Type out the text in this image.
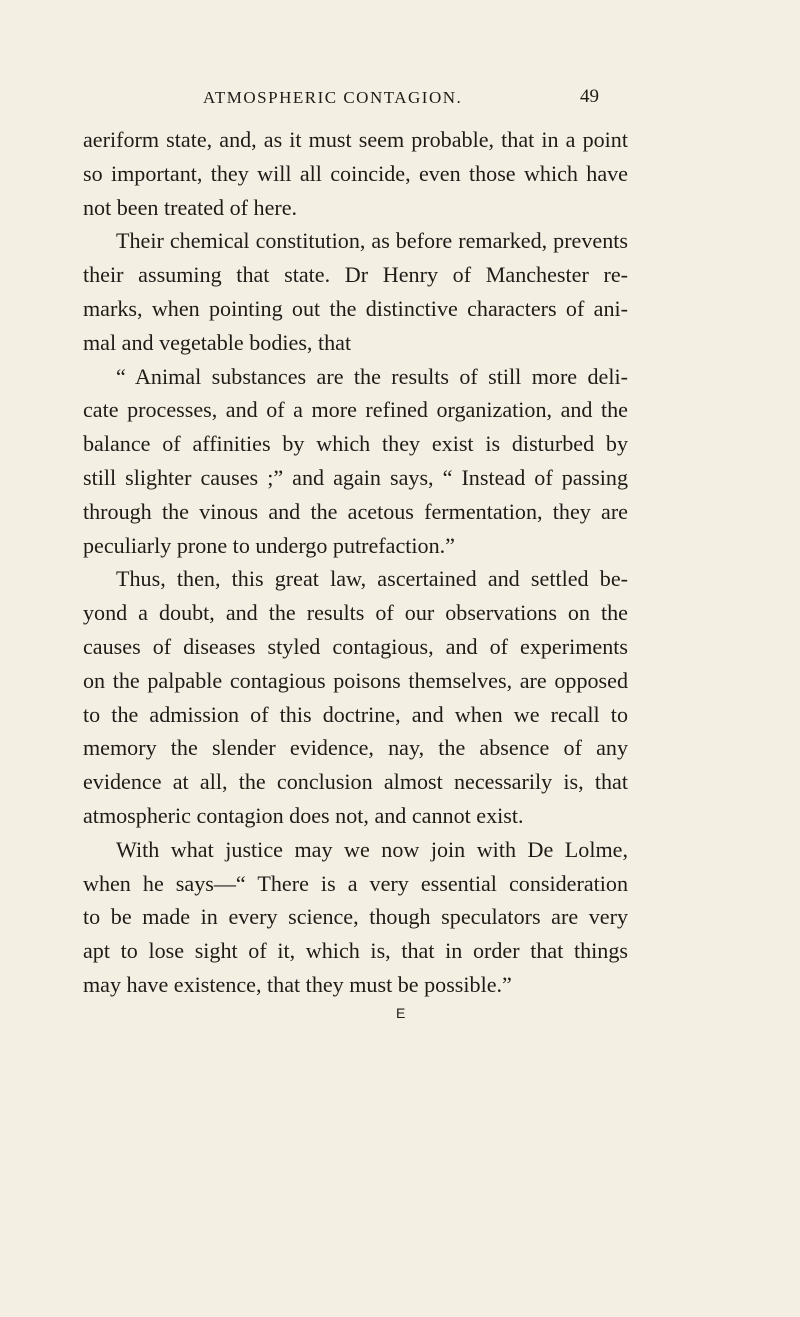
ATMOSPHERIC CONTAGION.	49
aeriform state, and, as it must seem probable, that in a point
so important, they will all coincide, even those which have
not been treated of here.
Their chemical constitution, as before remarked, prevents
their assuming that state. Dr Henry of Manchester re-
marks, when pointing out the distinctive characters of ani-
mal and vegetable bodies, that
“ Animal substances are the results of still more deli-
cate processes, and of a more refined organization, and the
balance of affinities by which they exist is disturbed by
still slighter causes ;” and again says, “ Instead of passing
through the vinous and the acetous fermentation, they are
peculiarly prone to undergo putrefaction.”
Thus, then, this great law, ascertained and settled be-
yond a doubt, and the results of our observations on the
causes of diseases styled contagious, and of experiments
on the palpable contagious poisons themselves, are opposed
to the admission of this doctrine, and when we recall to
memory the slender evidence, nay, the absence of any
evidence at all, the conclusion almost necessarily is, that
atmospheric contagion does not, and cannot exist.
With what justice may we now join with De Lolme,
when he says—“ There is a very essential consideration
to be made in every science, though speculators are very
apt to lose sight of it, which is, that in order that things
may have existence, that they must be possible.”
E
